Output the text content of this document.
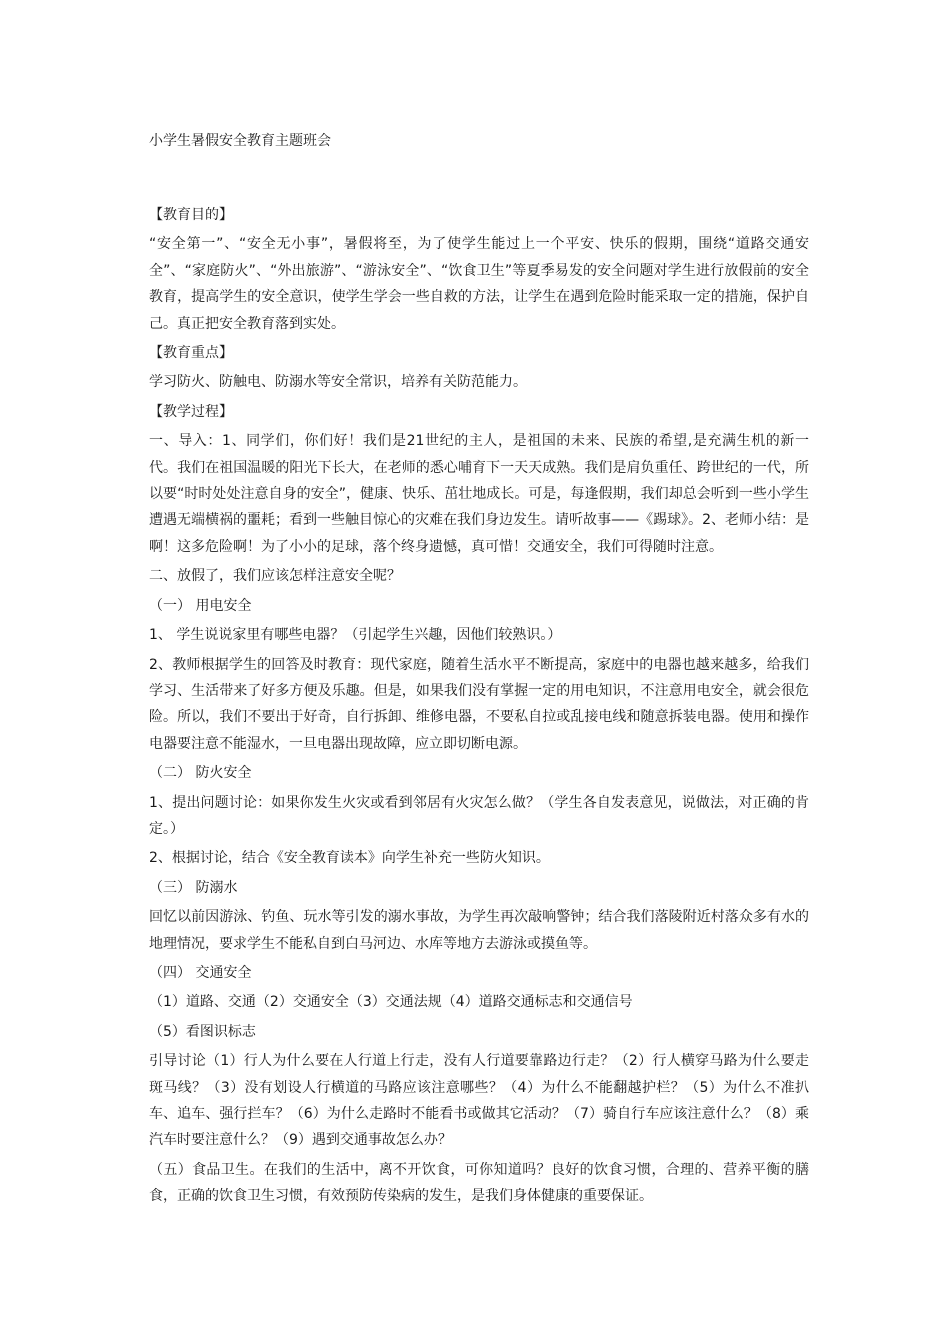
小学生暑假安全教育主题班会

【教育目的】

“安全第一”、“安全无小事”，暑假将至，为了使学生能过上一个平安、快乐的假期，围绕“道路交通安全”、“家庭防火”、“外出旅游”、“游泳安全”、“饮食卫生”等夏季易发的安全问题对学生进行放假前的安全教育，提高学生的安全意识，使学生学会一些自救的方法，让学生在遇到危险时能采取一定的措施，保护自己。真正把安全教育落到实处。

【教育重点】

学习防火、防触电、防溺水等安全常识，培养有关防范能力。

【教学过程】

一、导入：1、同学们，你们好！我们是21世纪的主人，是祖国的未来、民族的希望,是充满生机的新一代。我们在祖国温暖的阳光下长大，在老师的悉心哺育下一天天成熟。我们是肩负重任、跨世纪的一代，所以要“时时处处注意自身的安全”，健康、快乐、茁壮地成长。可是，每逢假期，我们却总会听到一些小学生遭遇无端横祸的噩耗；看到一些触目惊心的灾难在我们身边发生。请听故事——《踢球》。2、老师小结：是啊！这多危险啊！为了小小的足球，落个终身遗憾，真可惜！交通安全，我们可得随时注意。

二、放假了，我们应该怎样注意安全呢？

（一） 用电安全

1、 学生说说家里有哪些电器？（引起学生兴趣，因他们较熟识。）

2、教师根据学生的回答及时教育：现代家庭，随着生活水平不断提高，家庭中的电器也越来越多，给我们学习、生活带来了好多方便及乐趣。但是，如果我们没有掌握一定的用电知识，不注意用电安全，就会很危险。所以，我们不要出于好奇，自行拆卸、维修电器，不要私自拉或乱接电线和随意拆装电器。使用和操作电器要注意不能湿水，一旦电器出现故障，应立即切断电源。

（二） 防火安全

1、提出问题讨论：如果你发生火灾或看到邻居有火灾怎么做？（学生各自发表意见，说做法，对正确的肯定。）

2、根据讨论，结合《安全教育读本》向学生补充一些防火知识。

（三） 防溺水

回忆以前因游泳、钓鱼、玩水等引发的溺水事故，为学生再次敲响警钟；结合我们落陵附近村落众多有水的地理情况，要求学生不能私自到白马河边、水库等地方去游泳或摸鱼等。

（四） 交通安全

（1）道路、交通（2）交通安全（3）交通法规（4）道路交通标志和交通信号

（5）看图识标志

引导讨论（1）行人为什么要在人行道上行走，没有人行道要靠路边行走？（2）行人横穿马路为什么要走斑马线？（3）没有划设人行横道的马路应该注意哪些？（4）为什么不能翻越护栏？（5）为什么不准扒车、追车、强行拦车？（6）为什么走路时不能看书或做其它活动？（7）骑自行车应该注意什么？（8）乘汽车时要注意什么？（9）遇到交通事故怎么办？

（五）食品卫生。在我们的生活中，离不开饮食，可你知道吗？良好的饮食习惯，合理的、营养平衡的膳食，正确的饮食卫生习惯，有效预防传染病的发生，是我们身体健康的重要保证。
